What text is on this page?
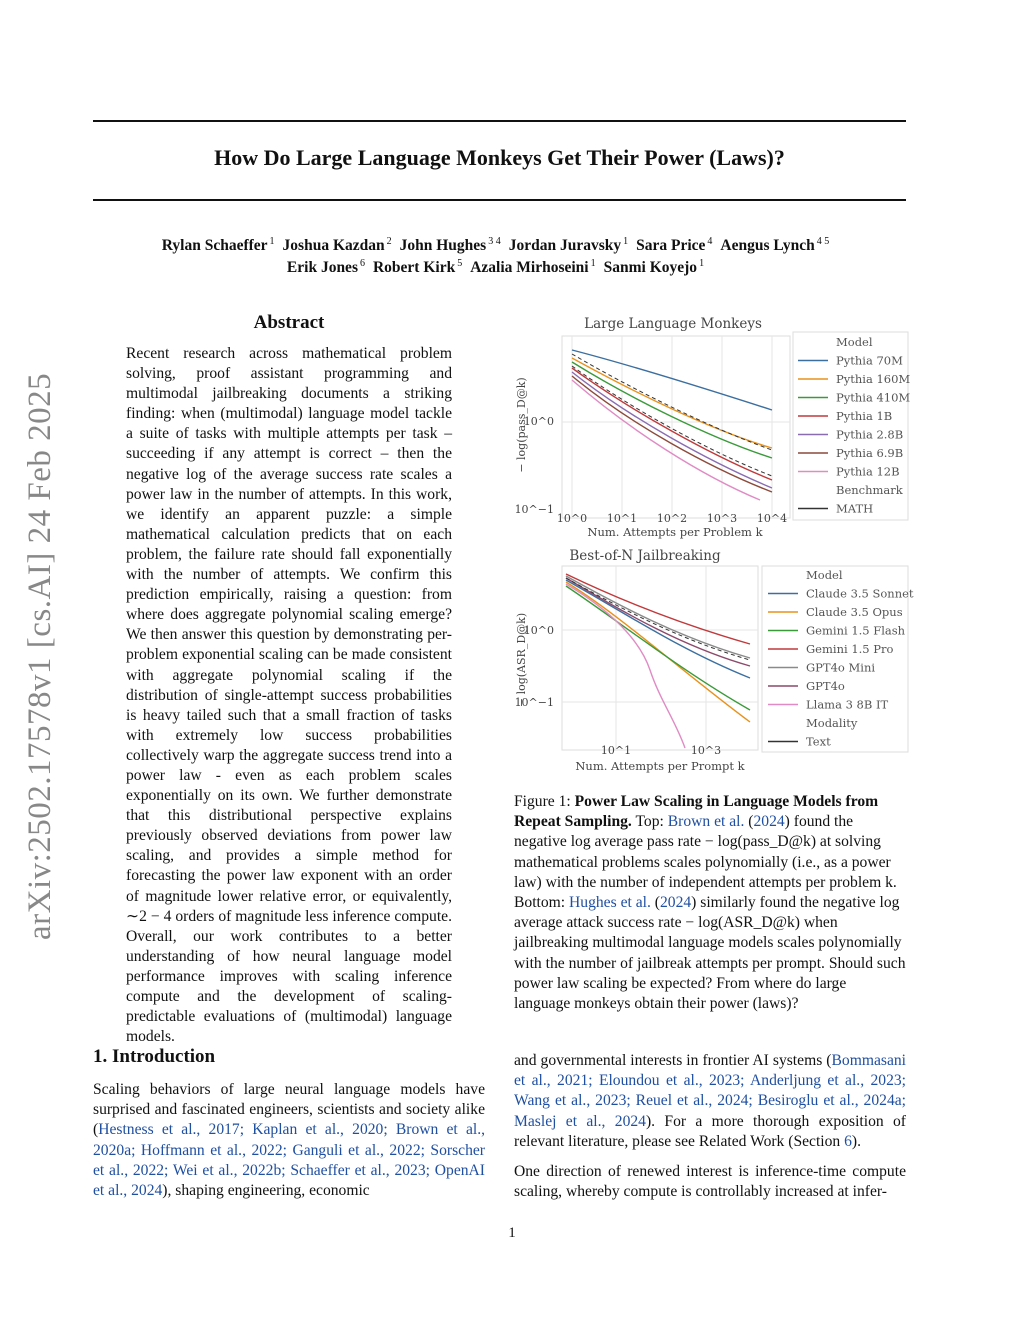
arXiv:2502.17578v1 [cs.AI] 24 Feb 2025
How Do Large Language Monkeys Get Their Power (Laws)?
Rylan Schaeffer $^1$ Joshua Kazdan $^2$ John Hughes $^{3 4}$ Jordan Juravsky $^1$ Sara Price $^4$ Aengus Lynch $^{4 5}$
Erik Jones $^6$ Robert Kirk $^5$ Azalia Mirhoseini $^1$ Sanmi Koyejo $^1$
Abstract

Recent research across mathematical problem solving, proof assistant programming and multimodal jailbreaking documents a striking finding: when (multimodal) language model tackle a suite of tasks with multiple attempts per task – succeeding if any attempt is correct – then the negative log of the average success rate scales a power law in the number of attempts. In this work, we identify an apparent puzzle: a simple mathematical calculation predicts that on each problem, the failure rate should fall exponentially with the number of attempts. We confirm this prediction empirically, raising a question: from where does aggregate polynomial scaling emerge? We then answer this question by demonstrating per-problem exponential scaling can be made consistent with aggregate polynomial scaling if the distribution of single-attempt success probabilities is heavy tailed such that a small fraction of tasks with extremely low success probabilities collectively warp the aggregate success trend into a power law - even as each problem scales exponentially on its own. We further demonstrate that this distributional perspective explains previously observed deviations from power law scaling, and provides a simple method for forecasting the power law exponent with an order of magnitude lower relative error, or equivalently, ∼2 − 4 orders of magnitude less inference compute. Overall, our work contributes to a better understanding of how neural language model performance improves with scaling inference compute and the development of scaling-predictable evaluations of (multimodal) language models.

Large Language Monkeys
− log(pass_D@k)
10^0
10^−1
10^0 10^1 10^2 10^3 10^4
Num. Attempts per Problem k
Model
Pythia 70M
Pythia 160M
Pythia 410M
Pythia 1B
Pythia 2.8B
Pythia 6.9B
Pythia 12B
Benchmark
MATH
Best-of-N Jailbreaking
− log(ASR_D@k)
10^0
10^−1
10^1	10^3
Num. Attempts per Prompt k
Model
Claude 3.5 Sonnet
Claude 3.5 Opus
Gemini 1.5 Flash
Gemini 1.5 Pro
GPT4o Mini
GPT4o
Llama 3 8B IT
Modality
Text
Figure 1: Power Law Scaling in Language Models from Repeat Sampling. Top: Brown et al. (2024) found the negative log average pass rate − log(pass_D@k) at solving mathematical problems scales polynomially (i.e., as a power law) with the number of independent attempts per problem k. Bottom: Hughes et al. (2024) similarly found the negative log average attack success rate − log(ASR_D@k) when jailbreaking multimodal language models scales polynomially with the number of jailbreak attempts per prompt. Should such power law scaling be expected? From where do large language monkeys obtain their power (laws)?
1. Introduction

Scaling behaviors of large neural language models have surprised and fascinated engineers, scientists and society alike (Hestness et al., 2017; Kaplan et al., 2020; Brown et al., 2020a; Hoffmann et al., 2022; Ganguli et al., 2022; Sorscher et al., 2022; Wei et al., 2022b; Schaeffer et al., 2023; OpenAI et al., 2024), shaping engineering, economic

and governmental interests in frontier AI systems (Bommasani et al., 2021; Eloundou et al., 2023; Anderljung et al., 2023; Wang et al., 2023; Reuel et al., 2024; Besiroglu et al., 2024a; Maslej et al., 2024). For a more thorough exposition of relevant literature, please see Related Work (Section 6).

One direction of renewed interest is inference-time compute scaling, whereby compute is controllably increased at infer-

1
